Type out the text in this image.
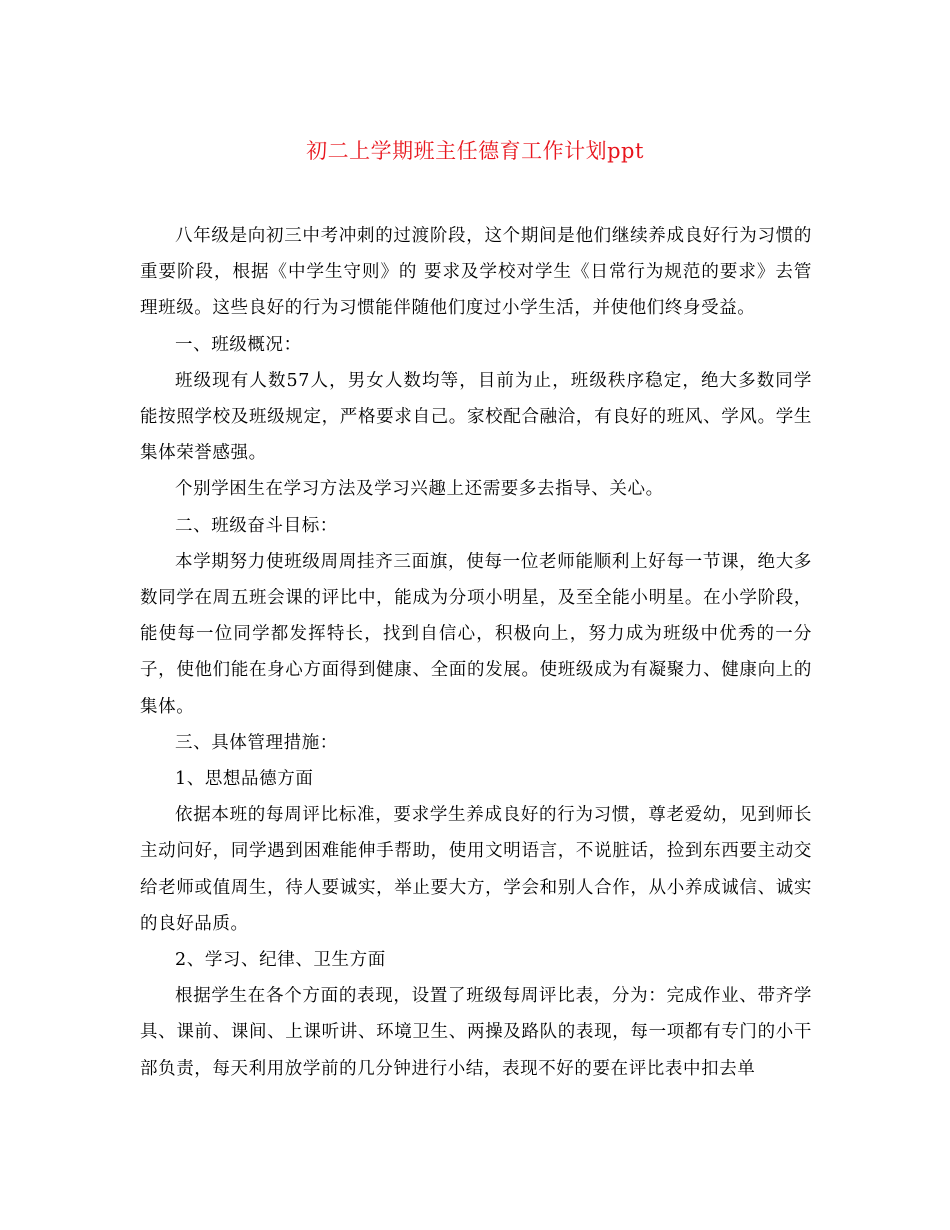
初二上学期班主任德育工作计划ppt

八年级是向初三中考冲刺的过渡阶段，这个期间是他们继续养成良好行为习惯的重要阶段，根据《中学生守则》的 要求及学校对学生《日常行为规范的要求》去管理班级。这些良好的行为习惯能伴随他们度过小学生活，并使他们终身受益。

一、班级概况：

班级现有人数57人，男女人数均等，目前为止，班级秩序稳定，绝大多数同学能按照学校及班级规定，严格要求自己。家校配合融洽，有良好的班风、学风。学生集体荣誉感强。

个别学困生在学习方法及学习兴趣上还需要多去指导、关心。

二、班级奋斗目标：

本学期努力使班级周周挂齐三面旗，使每一位老师能顺利上好每一节课，绝大多数同学在周五班会课的评比中，能成为分项小明星，及至全能小明星。在小学阶段，能使每一位同学都发挥特长，找到自信心，积极向上，努力成为班级中优秀的一分子，使他们能在身心方面得到健康、全面的发展。使班级成为有凝聚力、健康向上的集体。

三、具体管理措施：

1、思想品德方面

依据本班的每周评比标准，要求学生养成良好的行为习惯，尊老爱幼，见到师长主动问好，同学遇到困难能伸手帮助，使用文明语言，不说脏话，捡到东西要主动交给老师或值周生，待人要诚实，举止要大方，学会和别人合作，从小养成诚信、诚实的良好品质。

2、学习、纪律、卫生方面

根据学生在各个方面的表现，设置了班级每周评比表，分为：完成作业、带齐学具、课前、课间、上课听讲、环境卫生、两操及路队的表现，每一项都有专门的小干部负责，每天利用放学前的几分钟进行小结，表现不好的要在评比表中扣去单
